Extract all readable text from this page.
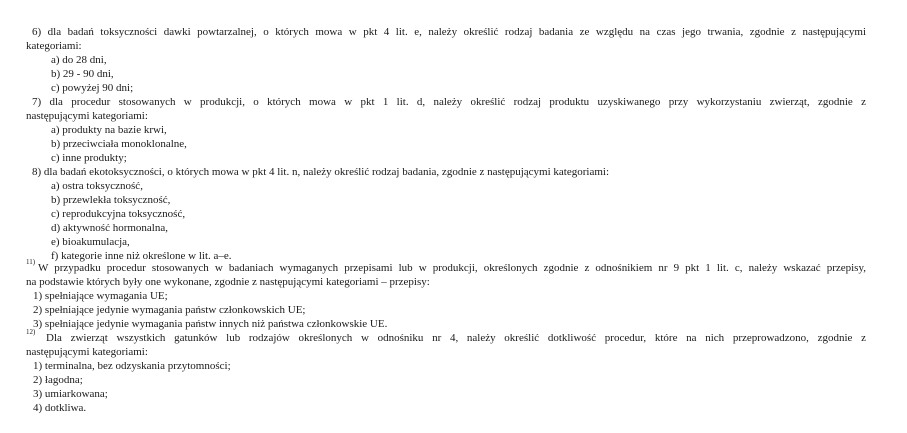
6) dla badań toksyczności dawki powtarzalnej, o których mowa w pkt 4 lit. e, należy określić rodzaj badania ze względu na czas jego trwania, zgodnie z następującymi
kategoriami:
a) do 28 dni,
b) 29 - 90 dni,
c) powyżej 90 dni;
7) dla procedur stosowanych w produkcji, o których mowa w pkt 1 lit. d, należy określić rodzaj produktu uzyskiwanego przy wykorzystaniu zwierząt, zgodnie z
następującymi kategoriami:
a) produkty na bazie krwi,
b) przeciwciała monoklonalne,
c) inne produkty;
8) dla badań ekotoksyczności, o których mowa w pkt 4 lit. n, należy określić rodzaj badania, zgodnie z następującymi kategoriami:
a) ostra toksyczność,
b) przewlekła toksyczność,
c) reprodukcyjna toksyczność,
d) aktywność hormonalna,
e) bioakumulacja,
f) kategorie inne niż określone w lit. a–e.
11) W przypadku procedur stosowanych w badaniach wymaganych przepisami lub w produkcji, określonych zgodnie z odnośnikiem nr 9 pkt 1 lit. c, należy wskazać przepisy,
na podstawie których były one wykonane, zgodnie z następującymi kategoriami – przepisy:
1) spełniające wymagania UE;
2) spełniające jedynie wymagania państw członkowskich UE;
3) spełniające jedynie wymagania państw innych niż państwa członkowskie UE.
12) Dla zwierząt wszystkich gatunków lub rodzajów określonych w odnośniku nr 4, należy określić dotkliwość procedur, które na nich przeprowadzono, zgodnie z
następującymi kategoriami:
1) terminalna, bez odzyskania przytomności;
2) łagodna;
3) umiarkowana;
4) dotkliwa.
